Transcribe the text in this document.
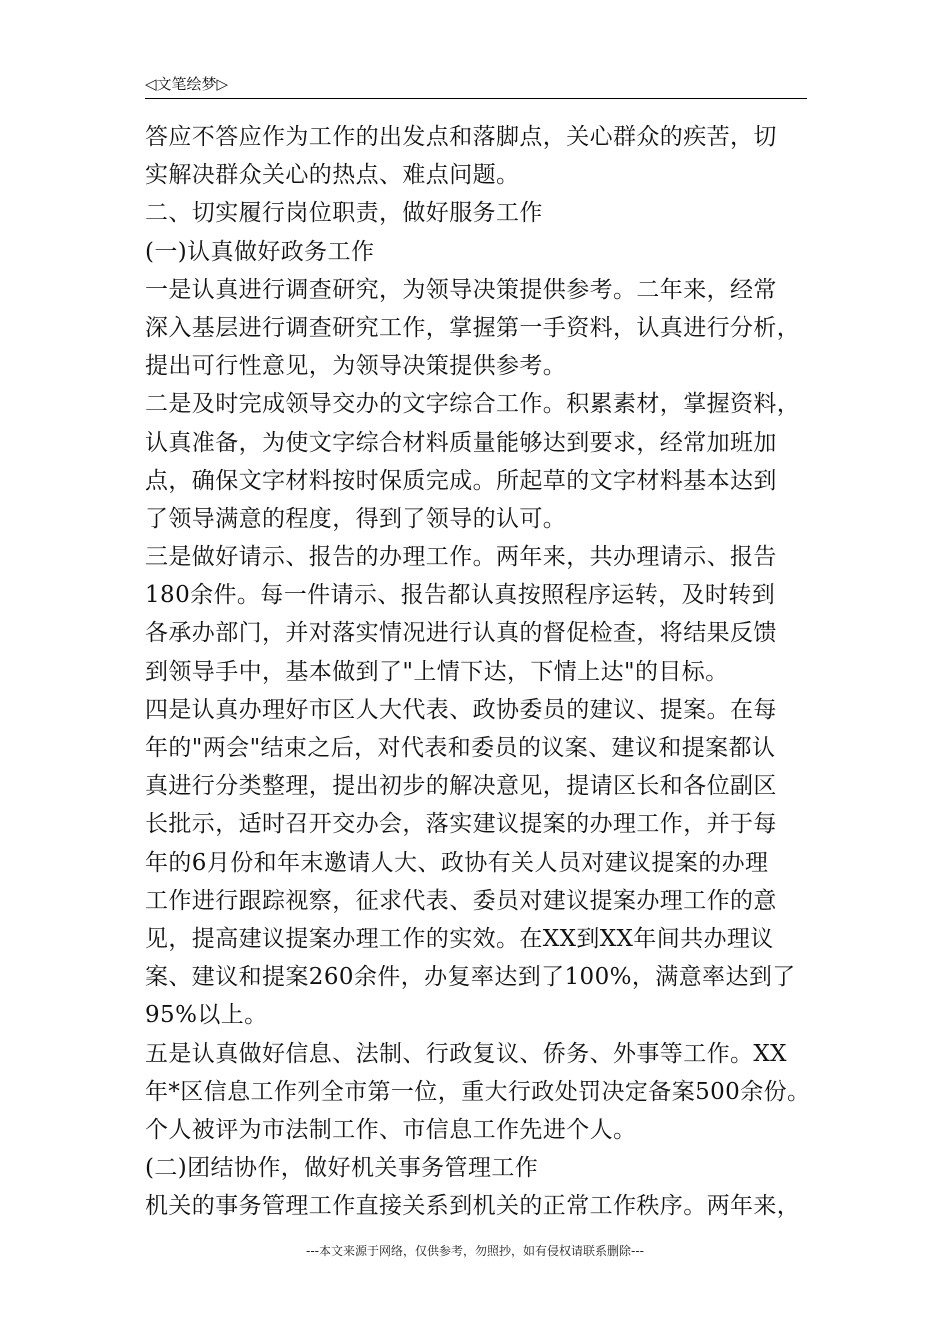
◁文笔绘梦▷
答应不答应作为工作的出发点和落脚点，关心群众的疾苦，切
实解决群众关心的热点、难点问题。
二、切实履行岗位职责，做好服务工作
(一)认真做好政务工作
一是认真进行调查研究，为领导决策提供参考。二年来，经常
深入基层进行调查研究工作，掌握第一手资料，认真进行分析，
提出可行性意见，为领导决策提供参考。
二是及时完成领导交办的文字综合工作。积累素材，掌握资料，
认真准备，为使文字综合材料质量能够达到要求，经常加班加
点，确保文字材料按时保质完成。所起草的文字材料基本达到
了领导满意的程度，得到了领导的认可。
三是做好请示、报告的办理工作。两年来，共办理请示、报告
180余件。每一件请示、报告都认真按照程序运转，及时转到
各承办部门，并对落实情况进行认真的督促检查，将结果反馈
到领导手中，基本做到了"上情下达，下情上达"的目标。
四是认真办理好市区人大代表、政协委员的建议、提案。在每
年的"两会"结束之后，对代表和委员的议案、建议和提案都认
真进行分类整理，提出初步的解决意见，提请区长和各位副区
长批示，适时召开交办会，落实建议提案的办理工作，并于每
年的6月份和年末邀请人大、政协有关人员对建议提案的办理
工作进行跟踪视察，征求代表、委员对建议提案办理工作的意
见，提高建议提案办理工作的实效。在XX到XX年间共办理议
案、建议和提案260余件，办复率达到了100%，满意率达到了
95%以上。
五是认真做好信息、法制、行政复议、侨务、外事等工作。XX
年*区信息工作列全市第一位，重大行政处罚决定备案500余份。
个人被评为市法制工作、市信息工作先进个人。
(二)团结协作，做好机关事务管理工作
机关的事务管理工作直接关系到机关的正常工作秩序。两年来，
---本文来源于网络，仅供参考，勿照抄，如有侵权请联系删除---
